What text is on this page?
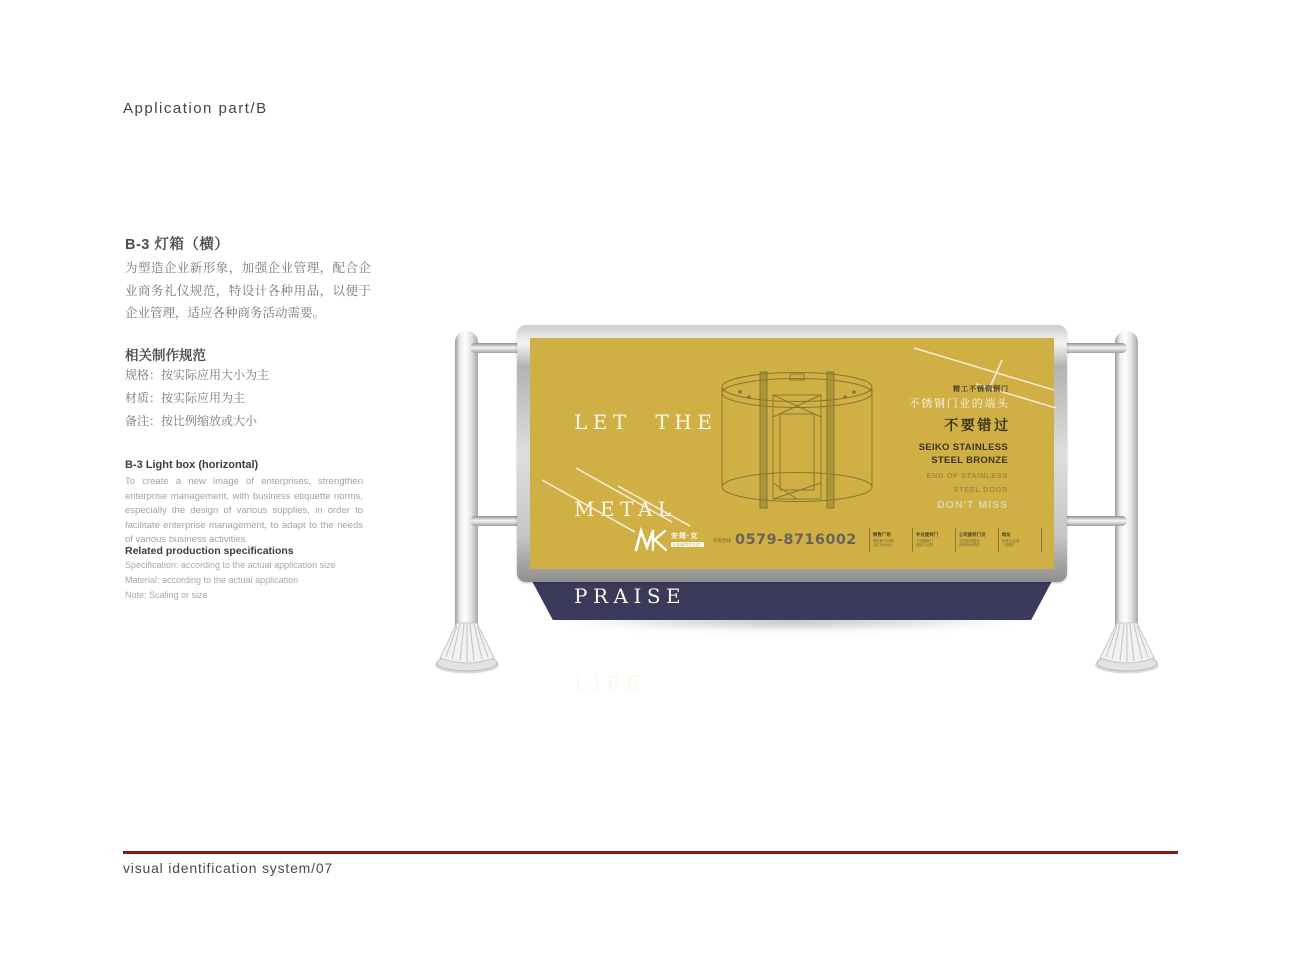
Application part/B
B-3 灯箱（横）
为塑造企业新形象，加强企业管理，配合企业商务礼仪规范，特设计各种用品，以便于企业管理，适应各种商务活动需要。
相关制作规范
规格：按实际应用大小为主
材质：按实际应用为主
备注：按比例缩放或大小
B-3 Light box (horizontal)
To create a new image of enterprises, strengthen enterprise management, with business etiquette norms, especially the design of various supplies, in order to facilitate enterprise management, to adapt to the needs of various business activities.
Related production specifications
Specification: according to the actual application size
Material: according to the actual application
Note: Scaling or size

LET  THE

METAL

PRAISE

LIFE

精工不锈钢铜门

不锈钢门业的端头

不要错过

SEIKO STAINLESS

STEEL BRONZE

END OF STAINLESS

STEEL DOOR

DON'T MISS

安姆·克
让金属赞美生活
咨询热线 0579-8716002	销售广场
城东路与环路
交汇处100米
专业旋转门
不锈钢铜门
旋转门定制
公司旋转门业
全国连锁服务
质保终身维护
地址
永康五金城
二期8区
visual identification system/07
